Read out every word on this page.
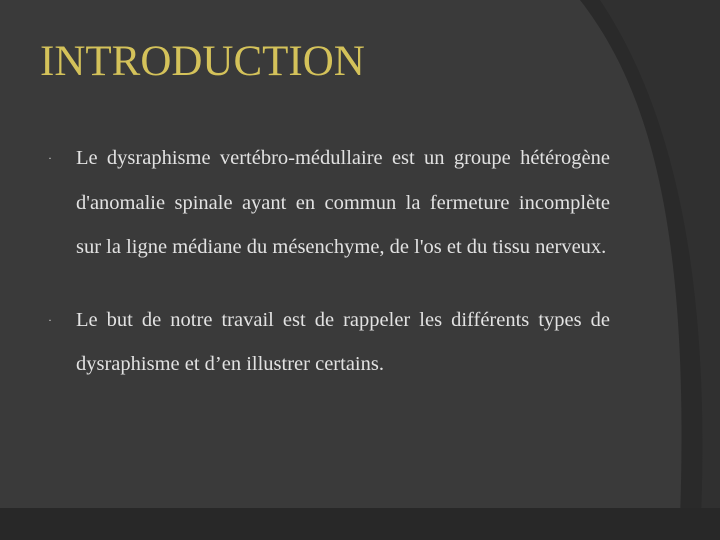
INTRODUCTION
· Le dysraphisme vertébro-médullaire est un groupe hétérogène d'anomalie spinale ayant en commun la fermeture incomplète sur la ligne médiane du mésenchyme, de l'os et du tissu nerveux.
· Le but de notre travail est de rappeler les différents types de dysraphisme et d’en illustrer certains.
